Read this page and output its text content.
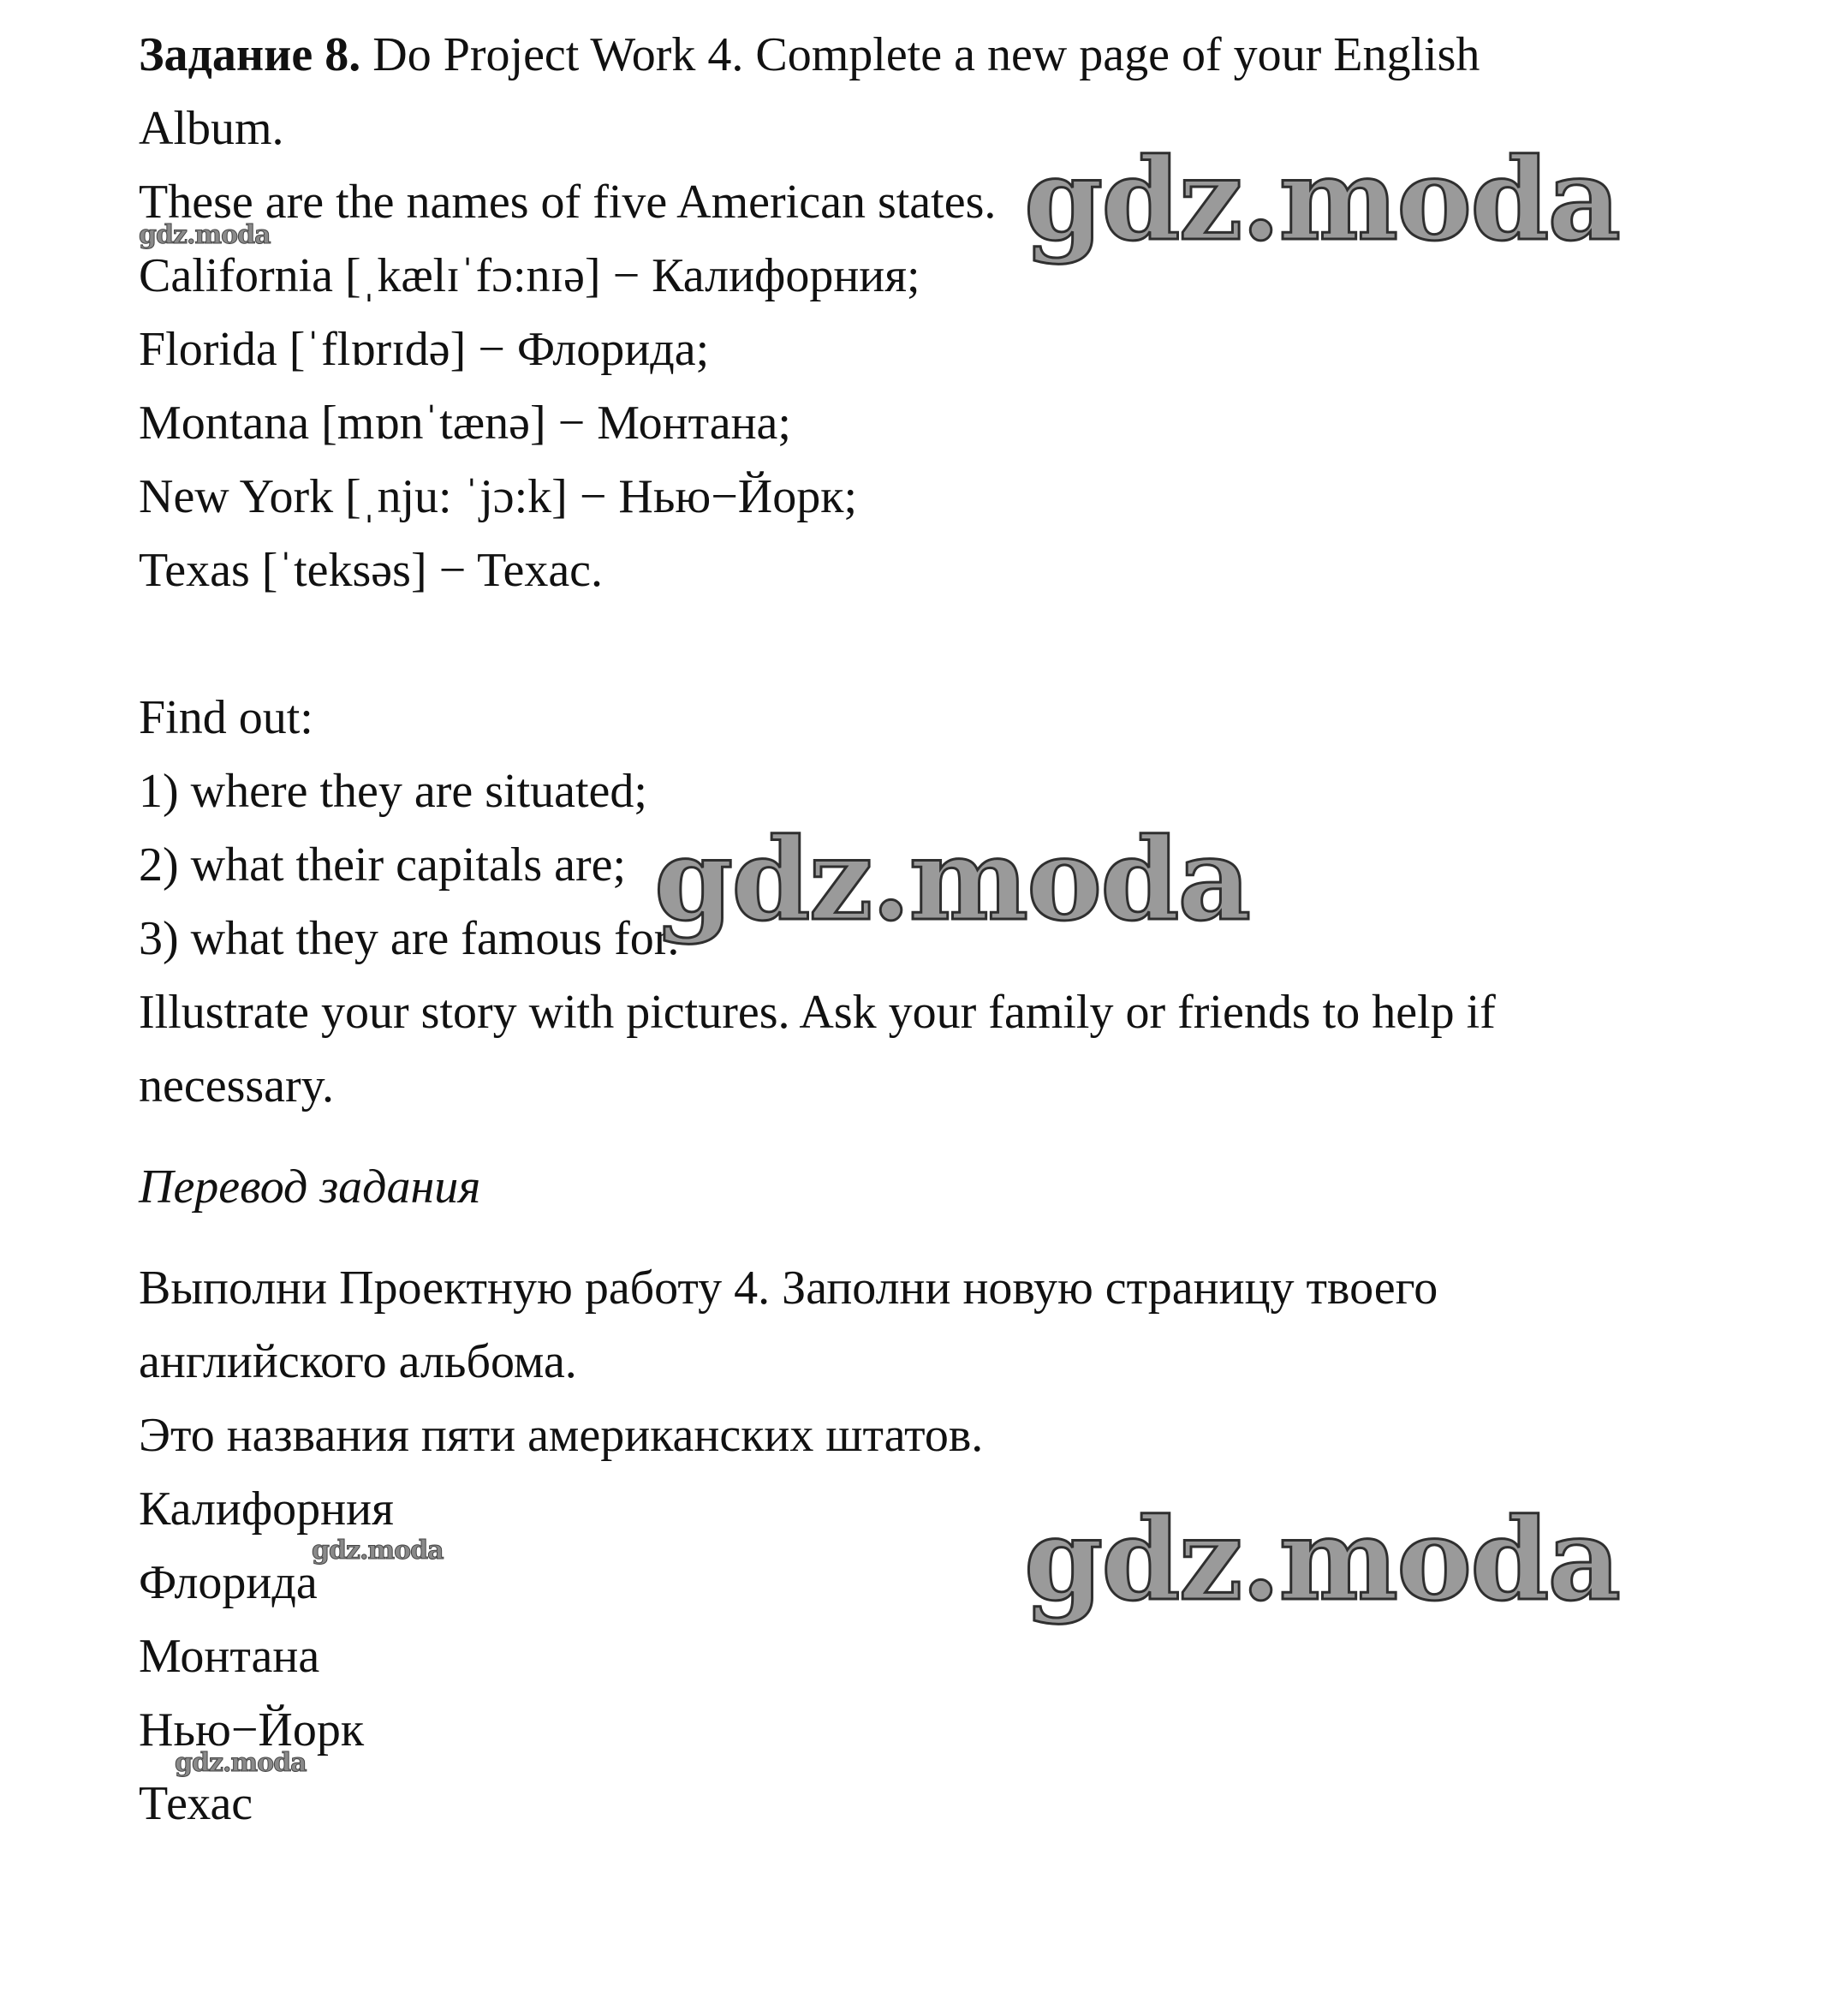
Задание 8. Do Project Work 4. Complete a new page of your English
Album.
These are the names of five American states.
California [ˌkælɪˈfɔ:nɪə] − Калифорния;
Florida [ˈflɒrɪdə] − Флорида;
Montana [mɒnˈtænə] − Монтана;
New York [ˌnju: ˈjɔ:k] − Нью−Йорк;
Texas [ˈteksəs] − Texac.
Find out:
1) where they are situated;
2) what their capitals are;
3) what they are famous for.
Illustrate your story with pictures. Ask your family or friends to help if
necessary.
Перевод задания
Выполни Проектную работу 4. Заполни новую страницу твоего
английского альбома.
Это названия пяти американских штатов.
Калифорния
Флорида
Монтана
Нью−Йорк
Техас
gdz.moda
gdz.moda
gdz.moda
gdz.moda
gdz.moda
gdz.moda
